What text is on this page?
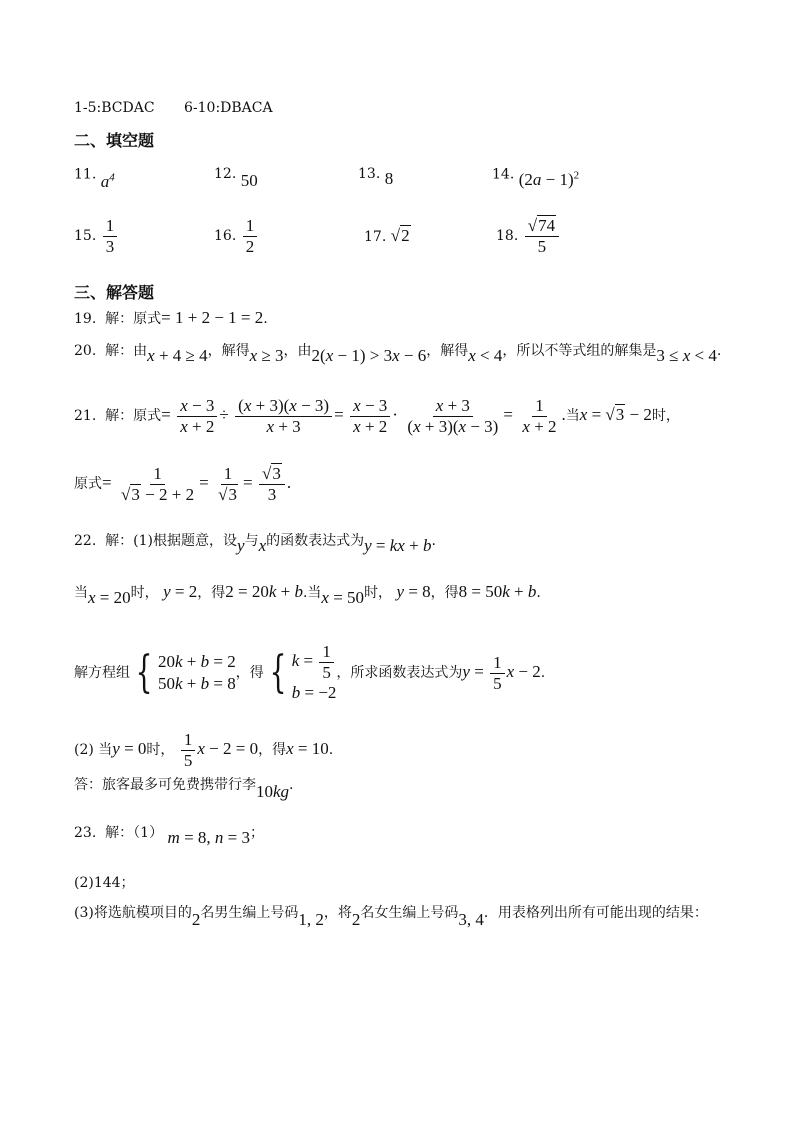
1-5:BCDAC 6-10:DBACA
二、填空题
11. $a^4$	12. 50	13. 8	14. $(2a - 1)^2$
15. $\frac{1}{3}$	16. $\frac{1}{2}$	17. √2	18. $\frac{√74}{5}$
三、解答题
19. 解：原式= 1 + 2 − 1 = 2.
20. 解：由x + 4 ≥ 4，解得x ≥ 3，由2(x − 1) > 3x − 6，解得x < 4，所以不等式组的解集是3 ≤ x < 4.
21. 解：原式= $\frac{x - 3}{x + 2} \div \frac{(x + 3)(x - 3)}{x + 3} = \frac{x - 3}{x + 2} \cdot \frac{x + 3}{(x + 3)(x - 3)} = \frac{1}{x + 2}$ .当x = √3 − 2时，
原式= $\frac{1}{√3 - 2 + 2} = \frac{1}{√3} = \frac{√3}{3}$ .
22. 解：(1)根据题意，设y与x的函数表达式为y = kx + b.
当x = 20时， y = 2，得2 = 20k + b.当x = 50时， y = 8，得8 = 50k + b.
解方程组 { 20k + b = 2
50k + b = 8
，得 { $k = \frac{1}{5}$
b = −2
，所求函数表达式为$y = \frac{1}{5}$ x − 2.
(2) 当y = 0时， $\frac{1}{5}$ x − 2 = 0，得x = 10.
答：旅客最多可免费携带行李10kg.
23. 解：（1） m = 8, n = 3；
(2)144；
(3)将选航模项目的2名男生编上号码1, 2，将2名女生编上号码3, 4．用表格列出所有可能出现的结果：
